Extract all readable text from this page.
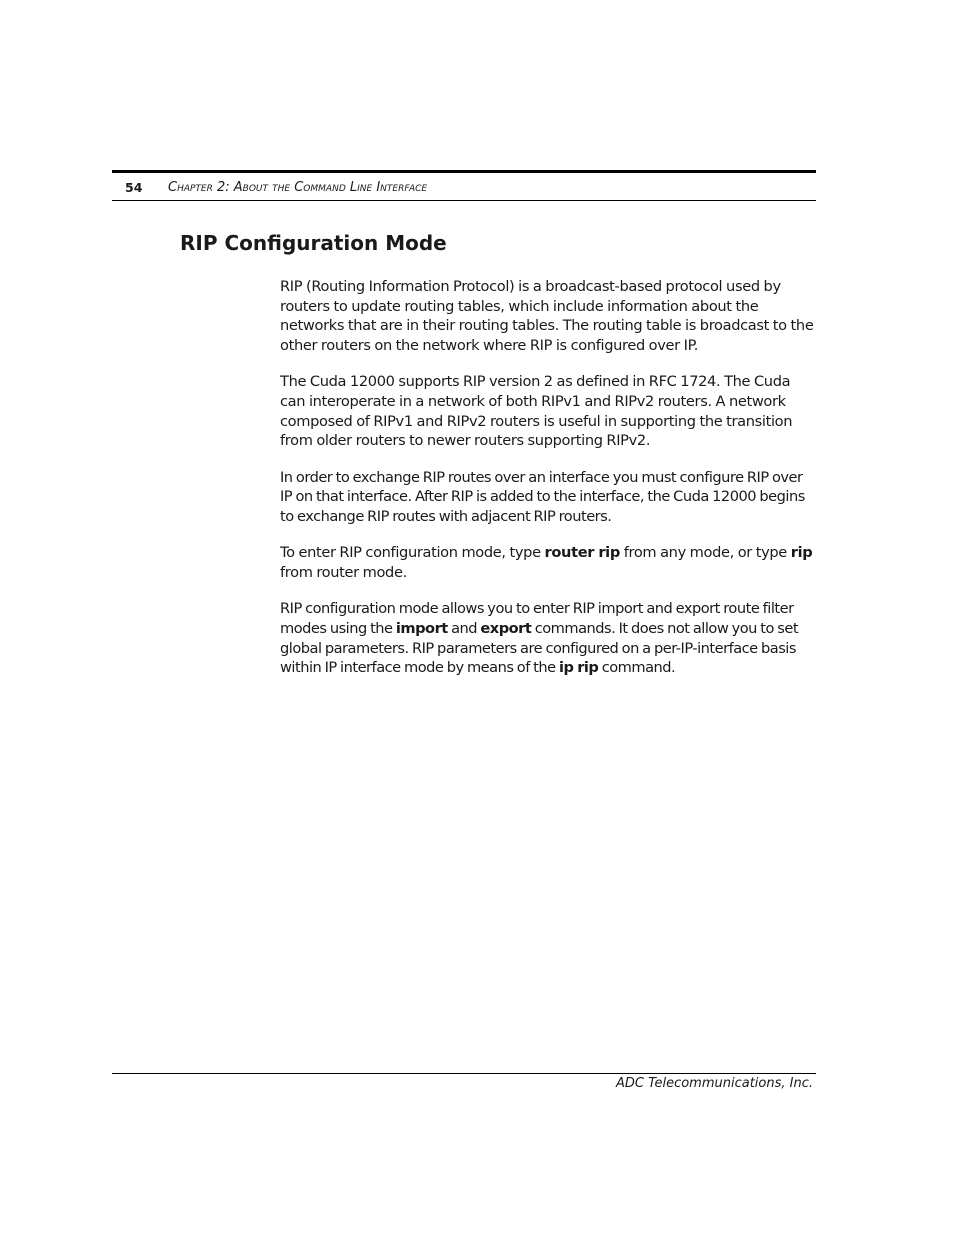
54	Chapter 2: About the Command Line Interface
RIP Configuration Mode

RIP (Routing Information Protocol) is a broadcast-based protocol used by routers to update routing tables, which include information about the networks that are in their routing tables. The routing table is broadcast to the other routers on the network where RIP is configured over IP.

The Cuda 12000 supports RIP version 2 as defined in RFC 1724. The Cuda can interoperate in a network of both RIPv1 and RIPv2 routers. A network composed of RIPv1 and RIPv2 routers is useful in supporting the transition from older routers to newer routers supporting RIPv2.

In order to exchange RIP routes over an interface you must configure RIP over IP on that interface. After RIP is added to the interface, the Cuda 12000 begins to exchange RIP routes with adjacent RIP routers.

To enter RIP configuration mode, type router rip from any mode, or type rip from router mode.

RIP configuration mode allows you to enter RIP import and export route filter modes using the import and export commands. It does not allow you to set global parameters. RIP parameters are configured on a per-IP-interface basis within IP interface mode by means of the ip rip command.

ADC Telecommunications, Inc.
